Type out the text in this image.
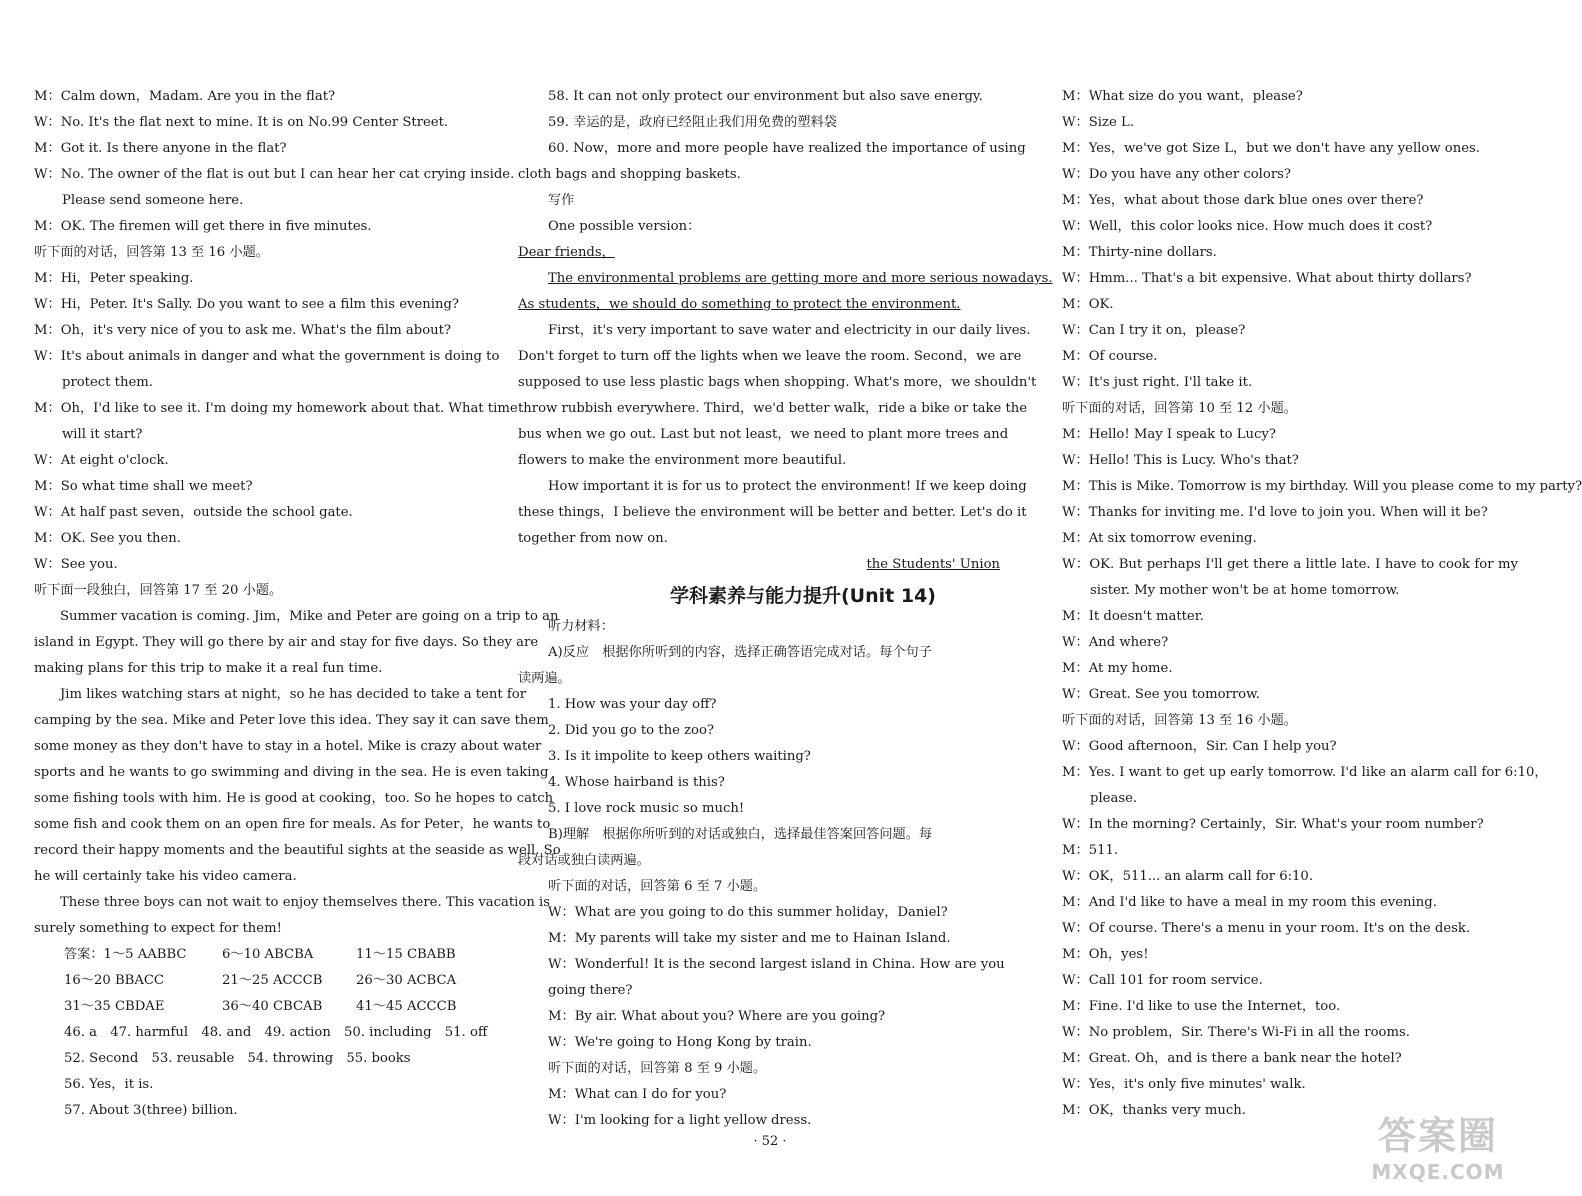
M：Calm down，Madam. Are you in the flat?
W：No. It's the flat next to mine. It is on No.99 Center Street.
M：Got it. Is there anyone in the flat?
W：No. The owner of the flat is out but I can hear her cat crying inside.
Please send someone here.
M：OK. The firemen will get there in five minutes.
听下面的对话，回答第 13 至 16 小题。
M：Hi，Peter speaking.
W：Hi，Peter. It's Sally. Do you want to see a film this evening?
M：Oh，it's very nice of you to ask me. What's the film about?
W：It's about animals in danger and what the government is doing to
protect them.
M：Oh，I'd like to see it. I'm doing my homework about that. What time
will it start?
W：At eight o'clock.
M：So what time shall we meet?
W：At half past seven，outside the school gate.
M：OK. See you then.
W：See you.
听下面一段独白，回答第 17 至 20 小题。
Summer vacation is coming. Jim，Mike and Peter are going on a trip to an
island in Egypt. They will go there by air and stay for five days. So they are
making plans for this trip to make it a real fun time.
Jim likes watching stars at night，so he has decided to take a tent for
camping by the sea. Mike and Peter love this idea. They say it can save them
some money as they don't have to stay in a hotel. Mike is crazy about water
sports and he wants to go swimming and diving in the sea. He is even taking
some fishing tools with him. He is good at cooking，too. So he hopes to catch
some fish and cook them on an open fire for meals. As for Peter，he wants to
record their happy moments and the beautiful sights at the seaside as well. So
he will certainly take his video camera.
These three boys can not wait to enjoy themselves there. This vacation is
surely something to expect for them!
答案：1～5 AABBC	6～10 ABCBA	11～15 CBABB
16～20 BBACC	21～25 ACCCB	26～30 ACBCA
31～35 CBDAE	36～40 CBCAB	41～45 ACCCB
46. a　47. harmful　48. and　49. action　50. including　51. off
52. Second　53. reusable　54. throwing　55. books
56. Yes，it is.
57. About 3(three) billion.
58. It can not only protect our environment but also save energy.
59. 幸运的是，政府已经阻止我们用免费的塑料袋
60. Now，more and more people have realized the importance of using
cloth bags and shopping baskets.
写作
One possible version：
Dear friends，
The environmental problems are getting more and more serious nowadays.
As students，we should do something to protect the environment.
First，it's very important to save water and electricity in our daily lives.
Don't forget to turn off the lights when we leave the room. Second，we are
supposed to use less plastic bags when shopping. What's more，we shouldn't
throw rubbish everywhere. Third，we'd better walk，ride a bike or take the
bus when we go out. Last but not least，we need to plant more trees and
flowers to make the environment more beautiful.
How important it is for us to protect the environment! If we keep doing
these things，I believe the environment will be better and better. Let's do it
together from now on.
the Students' Union
学科素养与能力提升(Unit 14)
听力材料：
A)反应　根据你所听到的内容，选择正确答语完成对话。每个句子
读两遍。
1. How was your day off?
2. Did you go to the zoo?
3. Is it impolite to keep others waiting?
4. Whose hairband is this?
5. I love rock music so much!
B)理解　根据你所听到的对话或独白，选择最佳答案回答问题。每
段对话或独白读两遍。
听下面的对话，回答第 6 至 7 小题。
W：What are you going to do this summer holiday，Daniel?
M：My parents will take my sister and me to Hainan Island.
W：Wonderful! It is the second largest island in China. How are you
going there?
M：By air. What about you? Where are you going?
W：We're going to Hong Kong by train.
听下面的对话，回答第 8 至 9 小题。
M：What can I do for you?
W：I'm looking for a light yellow dress.
M：What size do you want，please?
W：Size L.
M：Yes，we've got Size L，but we don't have any yellow ones.
W：Do you have any other colors?
M：Yes，what about those dark blue ones over there?
W：Well，this color looks nice. How much does it cost?
M：Thirty-nine dollars.
W：Hmm... That's a bit expensive. What about thirty dollars?
M：OK.
W：Can I try it on，please?
M：Of course.
W：It's just right. I'll take it.
听下面的对话，回答第 10 至 12 小题。
M：Hello! May I speak to Lucy?
W：Hello! This is Lucy. Who's that?
M：This is Mike. Tomorrow is my birthday. Will you please come to my party?
W：Thanks for inviting me. I'd love to join you. When will it be?
M：At six tomorrow evening.
W：OK. But perhaps I'll get there a little late. I have to cook for my
sister. My mother won't be at home tomorrow.
M：It doesn't matter.
W：And where?
M：At my home.
W：Great. See you tomorrow.
听下面的对话，回答第 13 至 16 小题。
W：Good afternoon，Sir. Can I help you?
M：Yes. I want to get up early tomorrow. I'd like an alarm call for 6:10，
please.
W：In the morning? Certainly，Sir. What's your room number?
M：511.
W：OK，511... an alarm call for 6:10.
M：And I'd like to have a meal in my room this evening.
W：Of course. There's a menu in your room. It's on the desk.
M：Oh，yes!
W：Call 101 for room service.
M：Fine. I'd like to use the Internet，too.
W：No problem，Sir. There's Wi-Fi in all the rooms.
M：Great. Oh，and is there a bank near the hotel?
W：Yes，it's only five minutes' walk.
M：OK，thanks very much.
· 52 ·	答案圈
MXQE.COM
